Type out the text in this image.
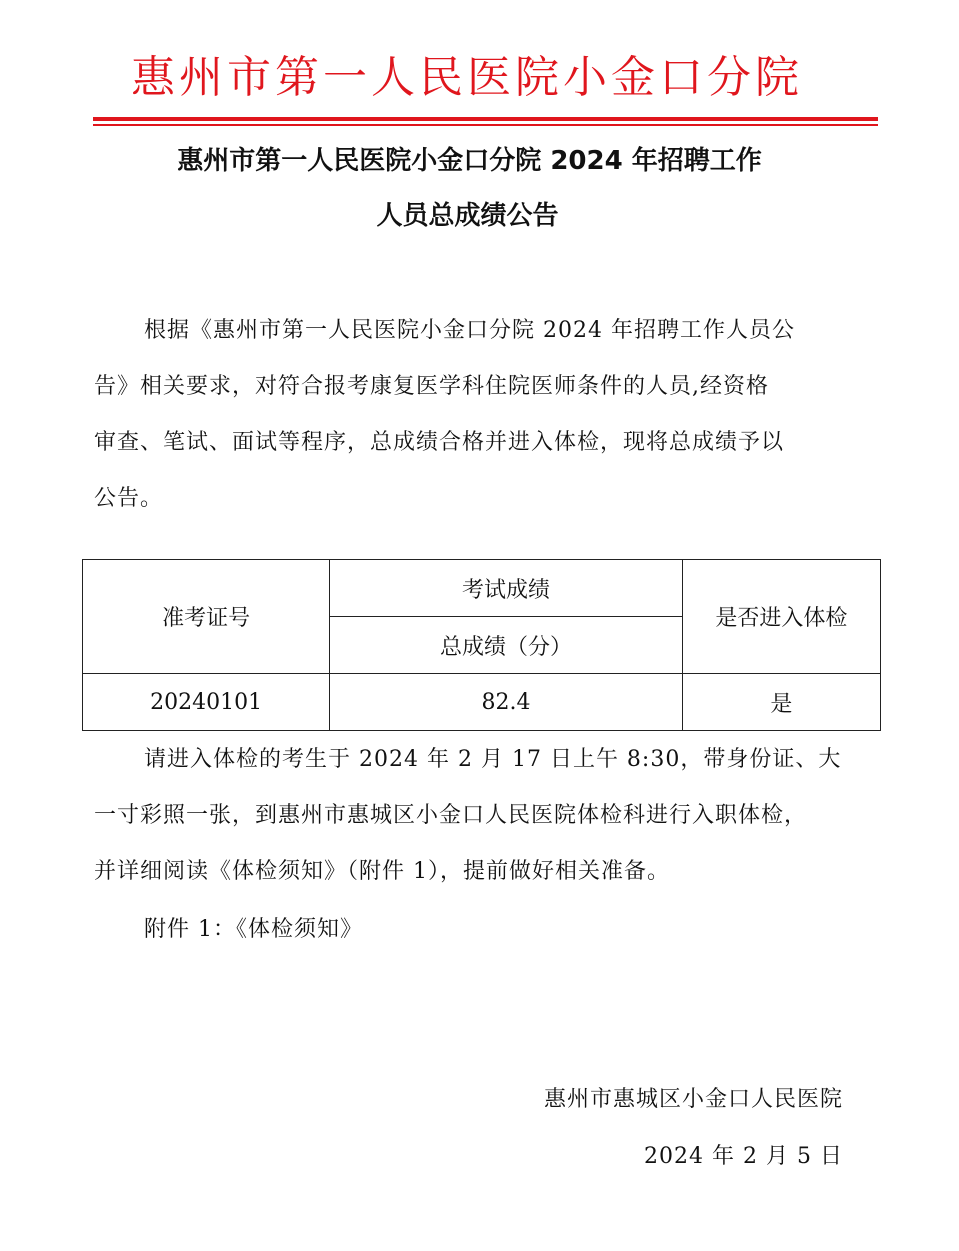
惠州市第一人民医院小金口分院
惠州市第一人民医院小金口分院 2024 年招聘工作
人员总成绩公告
根据《惠州市第一人民医院小金口分院 2024 年招聘工作人员公
告》相关要求，对符合报考康复医学科住院医师条件的人员,经资格
审查、笔试、面试等程序，总成绩合格并进入体检，现将总成绩予以
公告。
准考证号	考试成绩	是否进入体检
	总成绩（分）	
20240101	82.4	是
请进入体检的考生于 2024 年 2 月 17 日上午 8:30，带身份证、大
一寸彩照一张，到惠州市惠城区小金口人民医院体检科进行入职体检，
并详细阅读《体检须知》（附件 1），提前做好相关准备。
附件 1：《体检须知》
惠州市惠城区小金口人民医院
2024 年 2 月 5 日
